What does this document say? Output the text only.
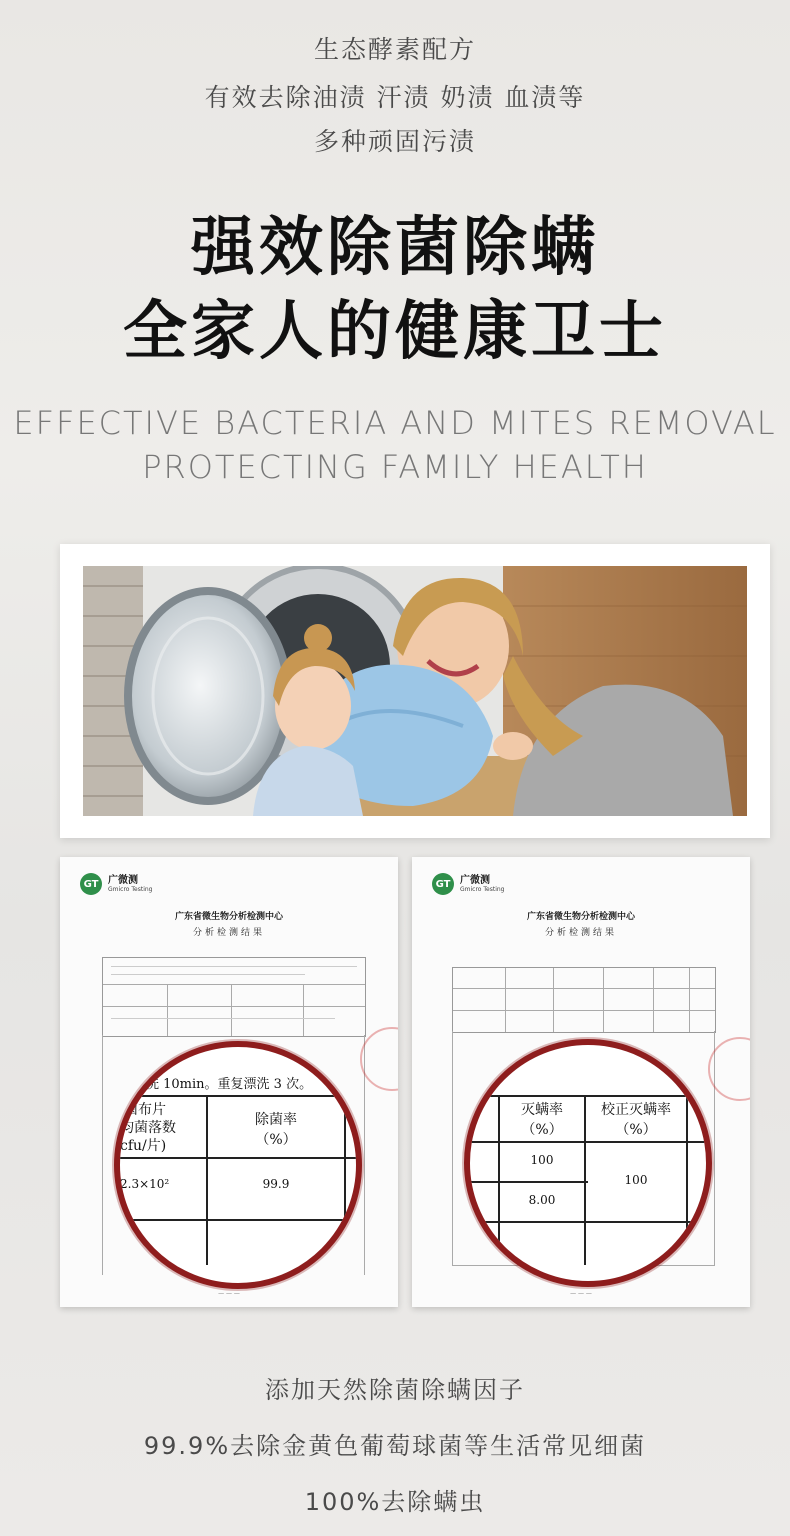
生态酵素配方
有效去除油渍 汗渍 奶渍 血渍等
多种顽固污渍
强效除菌除螨
全家人的健康卫士
EFFECTIVE BACTERIA AND MITES REMOVAL
PROTECTING FAMILY HEALTH
GT 广微测
Gmicro Testing
广东省微生物分析检测中心
分析检测结果
洗 10min。重复漂洗 3 次。
菌布片
均菌落数
cfu/片)
除菌率
（%）
2.3×10²	99.9
— — —
GT 广微测
Gmicro Testing
广东省微生物分析检测中心
分析检测结果
灭螨率
（%）
校正灭螨率
（%）
100
8.00
100
— — —
添加天然除菌除螨因子
99.9%去除金黄色葡萄球菌等生活常见细菌
100%去除螨虫
